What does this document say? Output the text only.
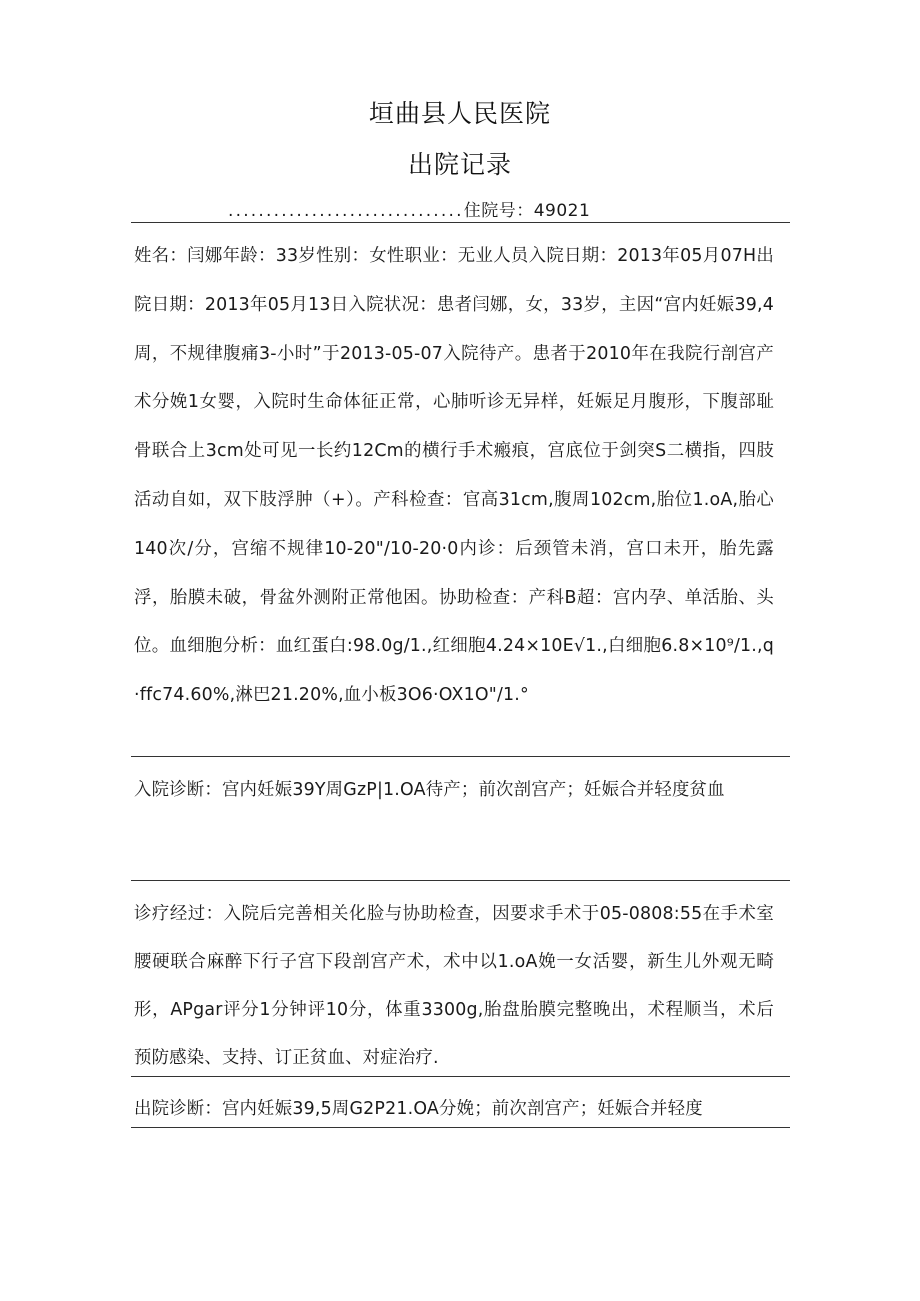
垣曲县人民医院
出院记录
...............................住院号：49021

姓名：闫娜年龄：33岁性别：女性职业：无业人员入院日期：2013年05月07H出院日期：2013年05月13日入院状况：患者闫娜，女，33岁，主因“宫内妊娠39,4周，不规律腹痛3-小时”于2013-05-07入院待产。患者于2010年在我院行剖宫产术分娩1女婴，入院时生命体征正常，心肺听诊无异样，妊娠足月腹形，下腹部耻骨联合上3cm处可见一长约12Cm的横行手术瘢痕，宫底位于剑突S二横指，四肢活动自如，双下肢浮肿（+）。产科检查：官高31cm,腹周102cm,胎位1.oA,胎心140次/分，宫缩不规律10-20"/10-20·0内诊：后颈管未消，宫口未开，胎先露浮，胎膜未破，骨盆外测附正常他困。协助检查：产科B超：宫内孕、单活胎、头位。血细胞分析：血红蛋白:98.0g/1.,红细胞4.24×10E√1.,白细胞6.8×10⁹/1.,q·ffc74.60%,淋巴21.20%,血小板3O6·OX1O"/1.°

入院诊断：宫内妊娠39Y周GzP|1.OA待产；前次剖宫产；妊娠合并轻度贫血

诊疗经过：入院后完善相关化脸与协助检查，因要求手术于05-0808:55在手术室腰硬联合麻醉下行子宫下段剖宫产术，术中以1.oA娩一女活婴，新生儿外观无畸形，APgar评分1分钟评10分，体重3300g,胎盘胎膜完整晚出，术程顺当，术后预防感染、支持、订正贫血、对症治疗.

出院诊断：宫内妊娠39,5周G2P21.OA分娩；前次剖宫产；妊娠合并轻度
